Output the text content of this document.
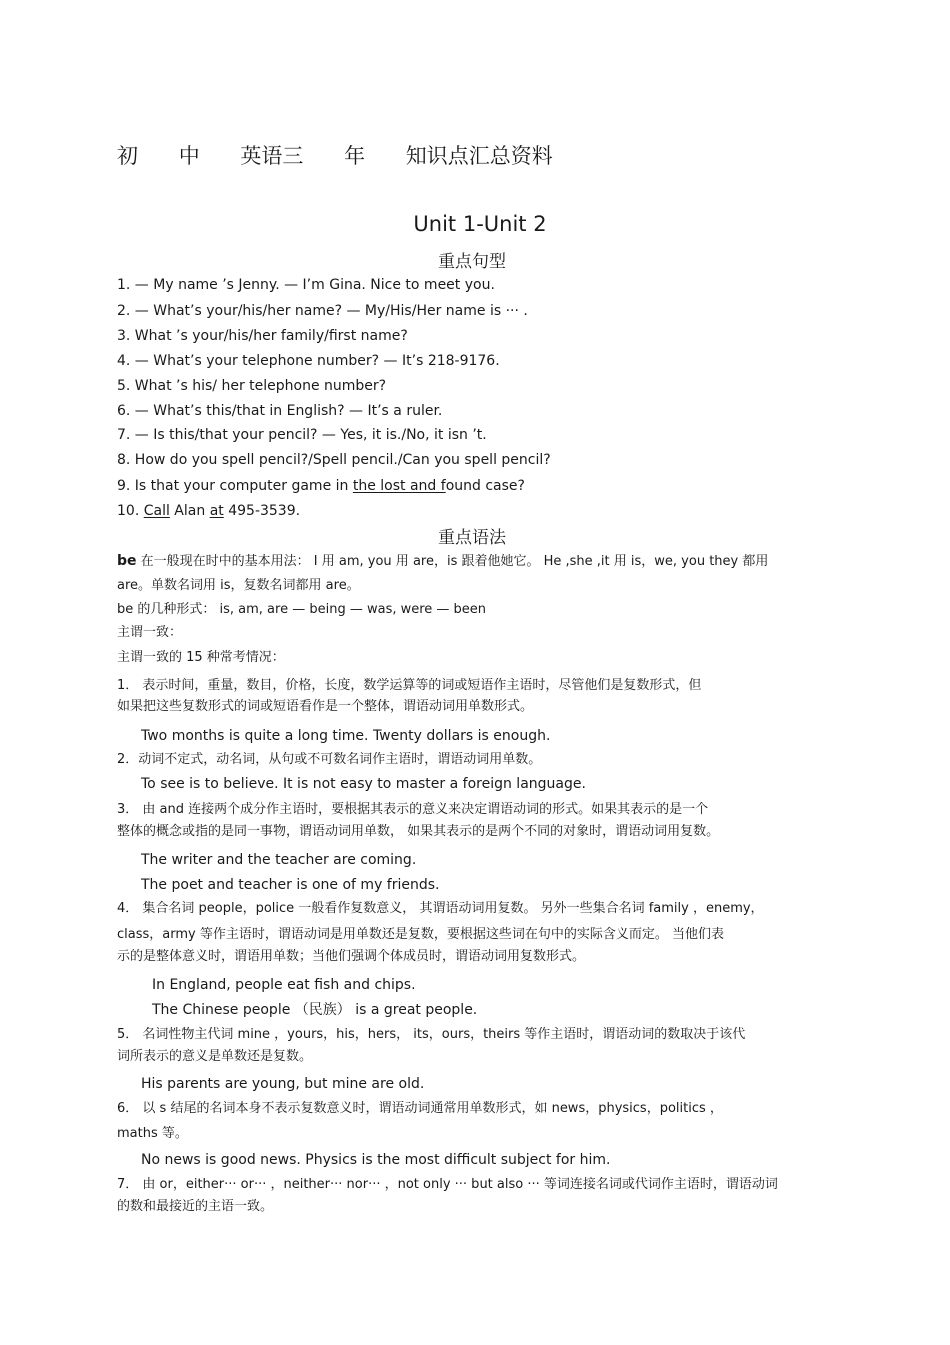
初 中 英语三 年 知识点汇总资料
Unit 1-Unit 2
重点句型
1. — My name ’s Jenny. — I’m Gina. Nice to meet you.
2. — What’s your/his/her name? — My/His/Her name is ··· .
3. What ’s your/his/her family/first name?
4. — What’s your telephone number? — It’s 218-9176.
5. What ’s his/ her telephone number?
6. — What’s this/that in English? — It’s a ruler.
7. — Is this/that your pencil? — Yes, it is./No, it isn ’t.
8. How do you spell pencil?/Spell pencil./Can you spell pencil?
9. Is that your computer game in the lost and found case?
10. Call Alan at 495-3539.
重点语法
be 在一般现在时中的基本用法： I 用 am, you 用 are，is 跟着他她它。 He ,she ,it 用 is，we, you they 都用
are。单数名词用 is，复数名词都用 are。
be 的几种形式： is, am, are — being — was, were — been
主谓一致：
主谓一致的 15 种常考情况：
1． 表示时间，重量，数目，价格，长度，数学运算等的词或短语作主语时，尽管他们是复数形式，但
如果把这些复数形式的词或短语看作是一个整体，谓语动词用单数形式。
Two months is quite a long time. Twenty dollars is enough.
2．动词不定式，动名词，从句或不可数名词作主语时，谓语动词用单数。
To see is to believe. It is not easy to master a foreign language.
3． 由 and 连接两个成分作主语时，要根据其表示的意义来决定谓语动词的形式。如果其表示的是一个
整体的概念或指的是同一事物，谓语动词用单数， 如果其表示的是两个不同的对象时，谓语动词用复数。
The writer and the teacher are coming.
The poet and teacher is one of my friends.
4． 集合名词 people，police 一般看作复数意义， 其谓语动词用复数。 另外一些集合名词 family ，enemy，
class，army 等作主语时，谓语动词是用单数还是复数，要根据这些词在句中的实际含义而定。 当他们表
示的是整体意义时，谓语用单数；当他们强调个体成员时，谓语动词用复数形式。
In England, people eat fish and chips.
The Chinese people （民族） is a great people.
5． 名词性物主代词 mine ，yours，his，hers， its，ours，theirs 等作主语时，谓语动词的数取决于该代
词所表示的意义是单数还是复数。
His parents are young, but mine are old.
6． 以 s 结尾的名词本身不表示复数意义时，谓语动词通常用单数形式，如 news，physics，politics ，
maths 等。
No news is good news. Physics is the most difficult subject for him.
7． 由 or，either··· or··· ，neither··· nor··· ，not only ··· but also ··· 等词连接名词或代词作主语时，谓语动词
的数和最接近的主语一致。
